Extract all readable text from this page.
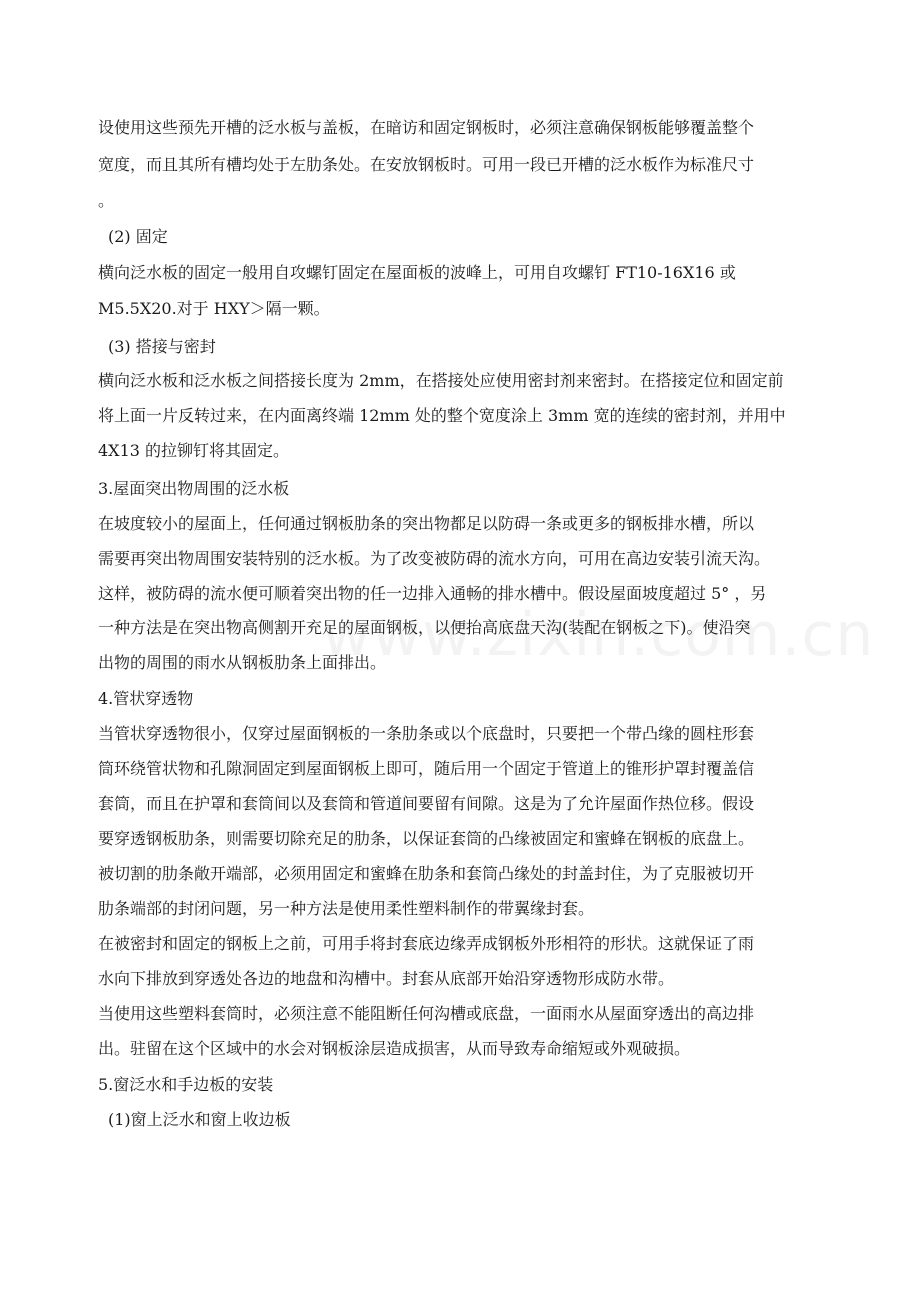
设使用这些预先开槽的泛水板与盖板，在暗访和固定钢板时，必须注意确保钢板能够覆盖整个
宽度，而且其所有槽均处于左肋条处。在安放钢板时。可用一段已开槽的泛水板作为标准尺寸
。
(2) 固定
横向泛水板的固定一般用自攻螺钉固定在屋面板的波峰上，可用自攻螺钉 FT10-16X16 或
M5.5X20.对于 HXY＞隔一颗。
(3) 搭接与密封
横向泛水板和泛水板之间搭接长度为 2mm，在搭接处应使用密封剂来密封。在搭接定位和固定前
将上面一片反转过来，在内面离终端 12mm 处的整个宽度涂上 3mm 宽的连续的密封剂，并用中
4X13 的拉铆钉将其固定。
3.屋面突出物周围的泛水板
在坡度较小的屋面上，任何通过钢板肋条的突出物都足以防碍一条或更多的钢板排水槽，所以
需要再突出物周围安装特别的泛水板。为了改变被防碍的流水方向，可用在高边安装引流天沟。
这样，被防碍的流水便可顺着突出物的任一边排入通畅的排水槽中。假设屋面坡度超过 5° ，另
一种方法是在突出物高侧割开充足的屋面钢板，以便抬高底盘天沟(装配在钢板之下)。使沿突
出物的周围的雨水从钢板肋条上面排出。
4.管状穿透物
当管状穿透物很小，仅穿过屋面钢板的一条肋条或以个底盘时，只要把一个带凸缘的圆柱形套
筒环绕管状物和孔隙洞固定到屋面钢板上即可，随后用一个固定于管道上的锥形护罩封覆盖信
套筒，而且在护罩和套筒间以及套筒和管道间要留有间隙。这是为了允许屋面作热位移。假设
要穿透钢板肋条，则需要切除充足的肋条，以保证套筒的凸缘被固定和蜜蜂在钢板的底盘上。
被切割的肋条敞开端部，必须用固定和蜜蜂在肋条和套筒凸缘处的封盖封住，为了克服被切开
肋条端部的封闭问题，另一种方法是使用柔性塑料制作的带翼缘封套。
在被密封和固定的钢板上之前，可用手将封套底边缘弄成钢板外形相符的形状。这就保证了雨
水向下排放到穿透处各边的地盘和沟槽中。封套从底部开始沿穿透物形成防水带。
当使用这些塑料套筒时，必须注意不能阻断任何沟槽或底盘，一面雨水从屋面穿透出的高边排
出。驻留在这个区域中的水会对钢板涂层造成损害，从而导致寿命缩短或外观破损。
5.窗泛水和手边板的安装
(1)窗上泛水和窗上收边板
